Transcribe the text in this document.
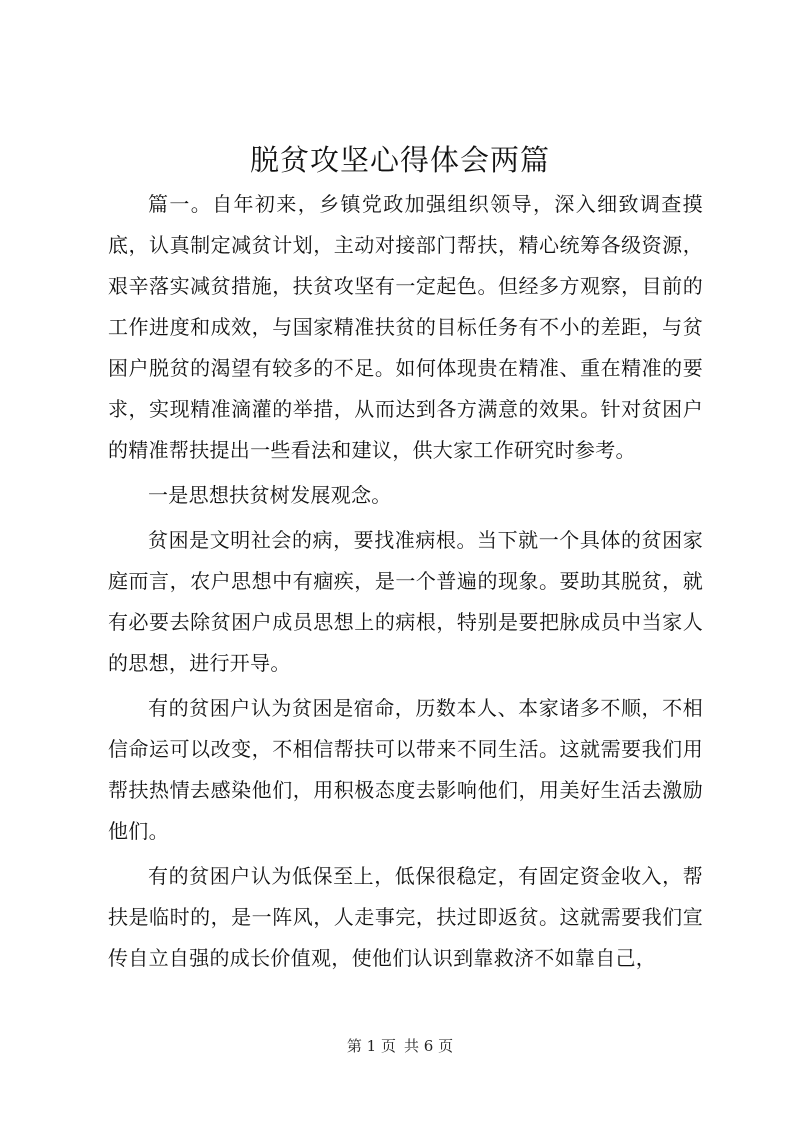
脱贫攻坚心得体会两篇

篇一。自年初来，乡镇党政加强组织领导，深入细致调查摸底，认真制定减贫计划，主动对接部门帮扶，精心统筹各级资源，艰辛落实减贫措施，扶贫攻坚有一定起色。但经多方观察，目前的工作进度和成效，与国家精准扶贫的目标任务有不小的差距，与贫困户脱贫的渴望有较多的不足。如何体现贵在精准、重在精准的要求，实现精准滴灌的举措，从而达到各方满意的效果。针对贫困户的精准帮扶提出一些看法和建议，供大家工作研究时参考。

一是思想扶贫树发展观念。

贫困是文明社会的病，要找准病根。当下就一个具体的贫困家庭而言，农户思想中有痼疾，是一个普遍的现象。要助其脱贫，就有必要去除贫困户成员思想上的病根，特别是要把脉成员中当家人的思想，进行开导。

有的贫困户认为贫困是宿命，历数本人、本家诸多不顺，不相信命运可以改变，不相信帮扶可以带来不同生活。这就需要我们用帮扶热情去感染他们，用积极态度去影响他们，用美好生活去激励他们。

有的贫困户认为低保至上，低保很稳定，有固定资金收入，帮扶是临时的，是一阵风，人走事完，扶过即返贫。这就需要我们宣传自立自强的成长价值观，使他们认识到靠救济不如靠自己，

第 1 页 共 6 页
